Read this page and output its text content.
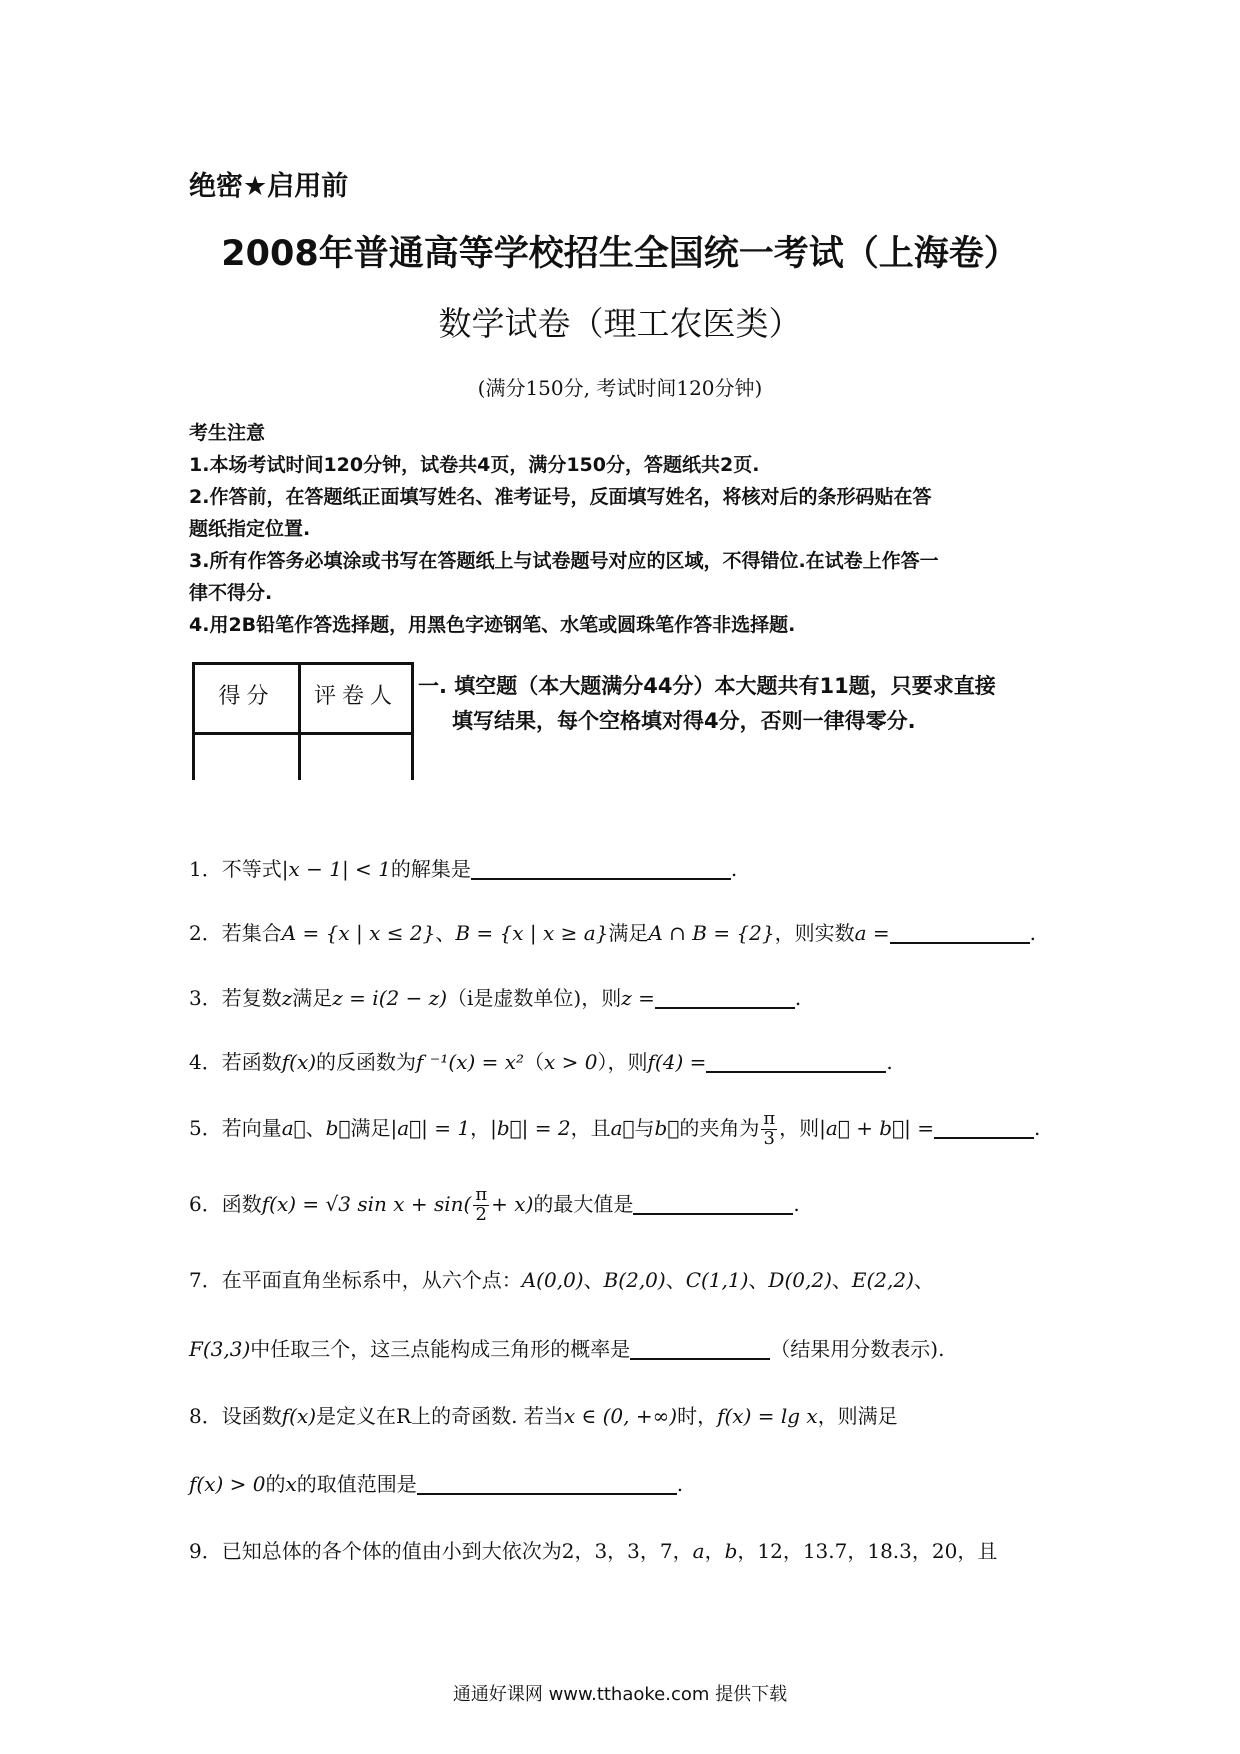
绝密★启用前
2008年普通高等学校招生全国统一考试（上海卷）
数学试卷（理工农医类）
(满分150分, 考试时间120分钟)
考生注意
1.本场考试时间120分钟，试卷共4页，满分150分，答题纸共2页.
2.作答前，在答题纸正面填写姓名、准考证号，反面填写姓名，将核对后的条形码贴在答
题纸指定位置.
3.所有作答务必填涂或书写在答题纸上与试卷题号对应的区域，不得错位.在试卷上作答一
律不得分.
4.用2B铅笔作答选择题，用黑色字迹钢笔、水笔或圆珠笔作答非选择题.
得分	评卷人 一. 填空题（本大题满分44分）本大题共有11题，只要求直接
填写结果，每个空格填对得4分，否则一律得零分.
1．不等式|x − 1| < 1的解集是	.
2．若集合A = {x | x ≤ 2}、B = {x | x ≥ a}满足A ∩ B = {2}，则实数a =	.
3．若复数z满足z = i(2 − z)（i是虚数单位)，则z =	.
4．若函数f(x)的反函数为f ⁻¹(x) = x²（x > 0），则f(4) =	.
5．若向量a⃗、b⃗满足|a⃗| = 1，|b⃗| = 2，且a⃗与b⃗的夹角为 $\frac{\pi}{3}$ ，则|a⃗ + b⃗| =	.
6．函数f(x) = √3 $\sin x + \sin( \frac{\pi}{2} + x)$的最大值是	.
7．在平面直角坐标系中，从六个点：A(0,0)、B(2,0)、C(1,1)、D(0,2)、E(2,2)、
F(3,3)中任取三个，这三点能构成三角形的概率是	（结果用分数表示).
8．设函数f(x)是定义在R上的奇函数. 若当x ∈ (0, +∞)时，f(x) = lg x，则满足
f(x) > 0的x的取值范围是	.
9．已知总体的各个体的值由小到大依次为2，3，3，7，a，b，12，13.7，18.3，20，且
通通好课网 www.tthaoke.com 提供下载
